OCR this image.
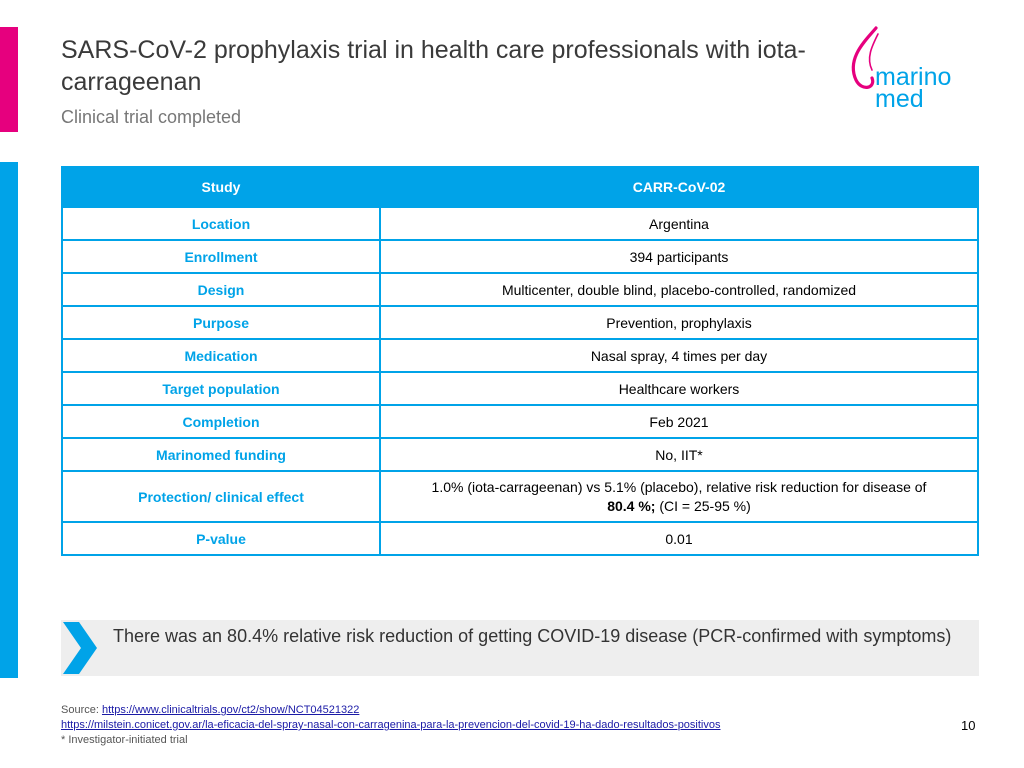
SARS-CoV-2 prophylaxis trial in health care professionals with iota-carrageenan
Clinical trial completed
marino
med
Study	CARR-CoV-02
Location	Argentina
Enrollment	394 participants
Design	Multicenter, double blind, placebo-controlled, randomized
Purpose	Prevention, prophylaxis
Medication	Nasal spray, 4 times per day
Target population	Healthcare workers
Completion	Feb 2021
Marinomed funding	No, IIT*
Protection/ clinical effect	1.0% (iota-carrageenan) vs 5.1% (placebo), relative risk reduction for disease of
80.4 %; (CI = 25-95 %)
P-value	0.01
There was an 80.4% relative risk reduction of getting COVID-19 disease (PCR-confirmed with symptoms)
Source: https://www.clinicaltrials.gov/ct2/show/NCT04521322
https://milstein.conicet.gov.ar/la-eficacia-del-spray-nasal-con-carragenina-para-la-prevencion-del-covid-19-ha-dado-resultados-positivos
* Investigator-initiated trial
10
